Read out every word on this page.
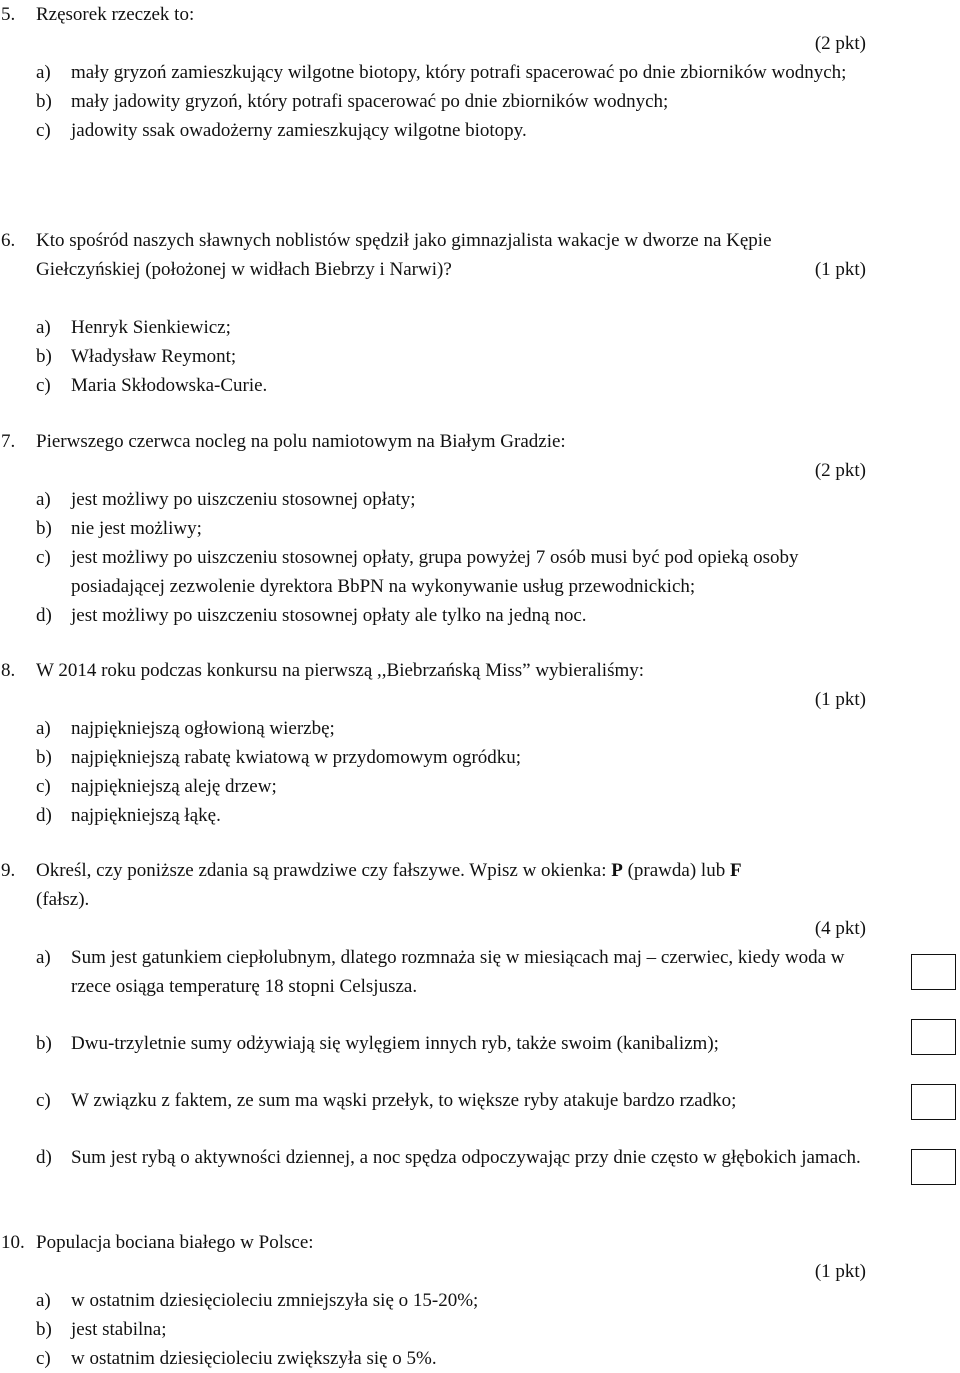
5. Rzęsorek rzeczek to:
(2 pkt)
a) mały gryzoń zamieszkujący wilgotne biotopy, który potrafi spacerować po dnie zbiorników wodnych;
b) mały jadowity gryzoń, który potrafi spacerować po dnie zbiorników wodnych;
c) jadowity ssak owadożerny zamieszkujący wilgotne biotopy.
6. Kto spośród naszych sławnych noblistów spędził jako gimnazjalista wakacje w dworze na Kępie
Giełczyńskiej (położonej w widłach Biebrzy i Narwi)?	(1 pkt)
a) Henryk Sienkiewicz;
b) Władysław Reymont;
c) Maria Skłodowska-Curie.
7. Pierwszego czerwca nocleg na polu namiotowym na Białym Gradzie:
(2 pkt)
a) jest możliwy po uiszczeniu stosownej opłaty;
b) nie jest możliwy;
c) jest możliwy po uiszczeniu stosownej opłaty, grupa powyżej 7 osób musi być pod opieką osoby posiadającej zezwolenie dyrektora BbPN na wykonywanie usług przewodnickich;
d) jest możliwy po uiszczeniu stosownej opłaty ale tylko na jedną noc.
8. W 2014 roku podczas konkursu na pierwszą ,,Biebrzańską Miss” wybieraliśmy:
(1 pkt)
a) najpiękniejszą ogłowioną wierzbę;
b) najpiękniejszą rabatę kwiatową w przydomowym ogródku;
c) najpiękniejszą aleję drzew;
d) najpiękniejszą łąkę.
9. Określ, czy poniższe zdania są prawdziwe czy fałszywe. Wpisz w okienka: P (prawda) lub F
(fałsz).
(4 pkt)
a) Sum jest gatunkiem ciepłolubnym, dlatego rozmnaża się w miesiącach maj – czerwiec, kiedy woda w rzece osiąga temperaturę 18 stopni Celsjusza.
b) Dwu-trzyletnie sumy odżywiają się wylęgiem innych ryb, także swoim (kanibalizm);
c) W związku z faktem, ze sum ma wąski przełyk, to większe ryby atakuje bardzo rzadko;
d) Sum jest rybą o aktywności dziennej, a noc spędza odpoczywając przy dnie często w głębokich jamach.
10. Populacja bociana białego w Polsce:
(1 pkt)
a) w ostatnim dziesięcioleciu zmniejszyła się o 15-20%;
b) jest stabilna;
c) w ostatnim dziesięcioleciu zwiększyła się o 5%.
